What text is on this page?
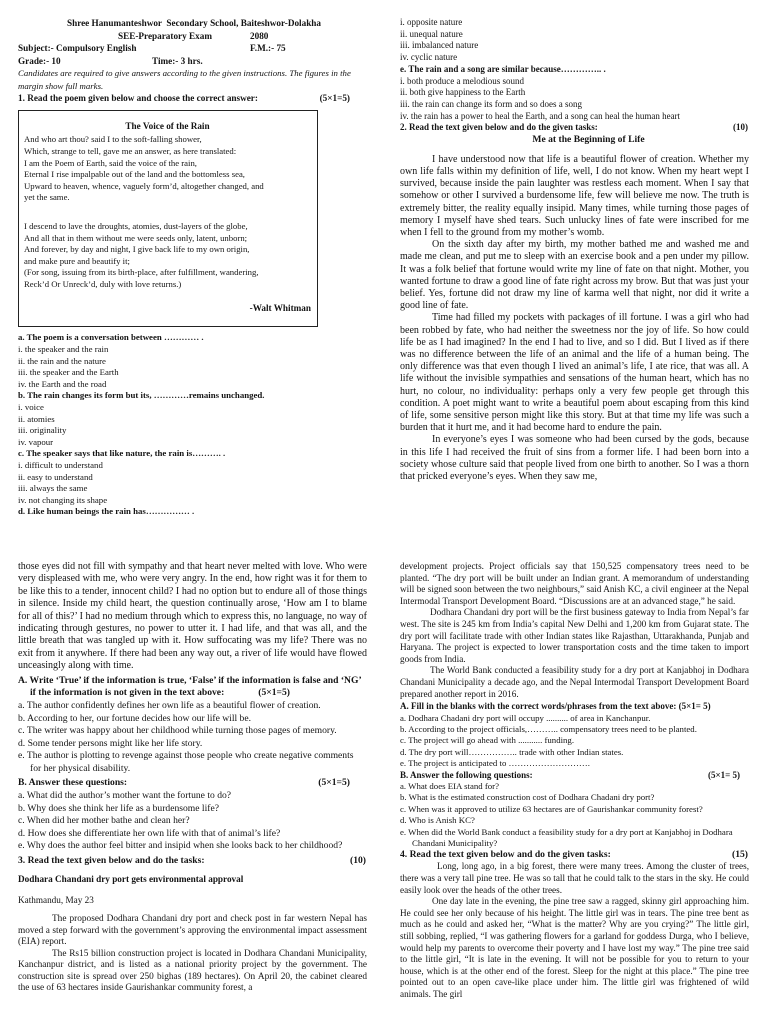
Shree Hanumanteshwor  Secondary School, Baiteshwor-Dolakha
SEE-Preparatory Exam	2080
Subject:- Compulsory English	F.M.:- 75
Grade:- 10	Time:- 3 hrs.
Candidates are required to give answers according to the given instructions. The figures in the margin show full marks.
1. Read the poem given below and choose the correct answer:	(5×1=5)
The Voice of the Rain
And who art thou? said I to the soft-falling shower,
Which, strange to tell, gave me an answer, as here translated:
I am the Poem of Earth, said the voice of the rain,
Eternal I rise impalpable out of the land and the bottomless sea,
Upward to heaven, whence, vaguely form’d, altogether changed, and
yet the same.
I descend to lave the droughts, atomies, dust-layers of the globe,
And all that in them without me were seeds only, latent, unborn;
And forever, by day and night, I give back life to my own origin,
and make pure and beautify it;
(For song, issuing from its birth-place, after fulfillment, wandering,
Reck’d Or Unreck’d, duly with love returns.)
-Walt Whitman
a. The poem is a conversation between ………… .
i. the speaker and the rain
ii. the rain and the nature
iii. the speaker and the Earth
iv. the Earth and the road
b. The rain changes its form but its, …………remains unchanged.
i. voice
ii. atomies
iii. originality
iv. vapour
c. The speaker says that like nature, the rain is………. .
i. difficult to understand
ii. easy to understand
iii. always the same
iv. not changing its shape
d. Like human beings the rain has…………… .
i. opposite nature
ii. unequal nature
iii. imbalanced nature
iv. cyclic nature
e. The rain and a song are similar because………….. .
i. both produce a melodious sound
ii. both give happiness to the Earth
iii. the rain can change its form and so does a song
iv. the rain has a power to heal the Earth, and a song can heal the human heart
2. Read the text given below and do the given tasks:	(10)
Me at the Beginning of Life

I have understood now that life is a beautiful flower of creation. Whether my own life falls within my definition of life, well, I do not know. When my heart wept I survived, because inside the pain laughter was restless each moment. When I say that somehow or other I survived a burdensome life, few will believe me now. The truth is extremely bitter, the reality equally insipid. Many times, while turning those pages of memory I myself have shed tears. Such unlucky lines of fate were inscribed for me when I fell to the ground from my mother’s womb.

On the sixth day after my birth, my mother bathed me and washed me and made me clean, and put me to sleep with an exercise book and a pen under my pillow. It was a folk belief that fortune would write my line of fate on that night. Mother, you wanted fortune to draw a good line of fate right across my brow. But that was just your belief. Yes, fortune did not draw my line of karma well that night, nor did it write a good line of fate.

Time had filled my pockets with packages of ill fortune. I was a girl who had been robbed by fate, who had neither the sweetness nor the joy of life. So how could life be as I had imagined? In the end I had to live, and so I did. But I lived as if there was no difference between the life of an animal and the life of a human being. The only difference was that even though I lived an animal’s life, I ate rice, that was all. A life without the invisible sympathies and sensations of the human heart, which has no hurt, no colour, no individuality: perhaps only a very few people get through this condition. A poet might want to write a beautiful poem about escaping from this kind of life, some sensitive person might like this story. But at that time my life was such a burden that it hurt me, and it had become hard to endure the pain.

In everyone’s eyes I was someone who had been cursed by the gods, because in this life I had received the fruit of sins from a former life. I had been born into a society whose culture said that people lived from one birth to another. So I was a thorn that pricked everyone’s eyes. When they saw me,

those eyes did not fill with sympathy and that heart never melted with love. Who were very displeased with me, who were very angry. In the end, how right was it for them to be like this to a tender, innocent child? I had no option but to endure all of those things in silence. Inside my child heart, the question continually arose, ‘How am I to blame for all of this?’ I had no medium through which to express this, no language, no way of indicating through gestures, no power to utter it. I had life, and that was all, and the little breath that was tangled up with it. How suffocating was my life? There was no exit from it anywhere. If there had been any way out, a river of life would have flowed unceasingly along with time.

A. Write ‘True’ if the information is true, ‘False’ if the information is false and ‘NG’ if the information is not given in the text above:	(5×1=5)
a. The author confidently defines her own life as a beautiful flower of creation.
b. According to her, our fortune decides how our life will be.
c. The writer was happy about her childhood while turning those pages of memory.
d. Some tender persons might like her life story.
e. The author is plotting to revenge against those people who create negative comments for her physical disability.
B. Answer these questions:	(5×1=5)
a. What did the author’s mother want the fortune to do?
b. Why does she think her life as a burdensome life?
c. When did her mother bathe and clean her?
d. How does she differentiate her own life with that of animal’s life?
e. Why does the author feel bitter and insipid when she looks back to her childhood?
3. Read the text given below and do the tasks:	(10)
Dodhara Chandani dry port gets environmental approval
Kathmandu, May 23

The proposed Dodhara Chandani dry port and check post in far western Nepal has moved a step forward with the government’s approving the environmental impact assessment (EIA) report.

The Rs15 billion construction project is located in Dodhara Chandani Municipality, Kanchanpur district, and is listed as a national priority project by the government. The construction site is spread over 250 bighas (189 hectares). On April 20, the cabinet cleared the use of 63 hectares inside Gaurishankar community forest, a

development projects. Project officials say that 150,525 compensatory trees need to be planted. “The dry port will be built under an Indian grant. A memorandum of understanding will be signed soon between the two neighbours,” said Anish KC, a civil engineer at the Nepal Intermodal Transport Development Board. “Discussions are at an advanced stage,” he said.

Dodhara Chandani dry port will be the first business gateway to India from Nepal’s far west. The site is 245 km from India’s capital New Delhi and 1,200 km from Gujarat state. The dry port will facilitate trade with other Indian states like Rajasthan, Uttarakhanda, Punjab and Haryana. The project is expected to lower transportation costs and the time taken to import goods from India.

The World Bank conducted a feasibility study for a dry port at Kanjabhoj in Dodhara Chandani Municipality a decade ago, and the Nepal Intermodal Transport Development Board prepared another report in 2016.

A. Fill in the blanks with the correct words/phrases from the text above: (5×1= 5)
a. Dodhara Chadani dry port will occupy .......... of area in Kanchanpur.
b. According to the project officials,……….. compensatory trees need to be planted.
c. The project will go ahead with ........... funding.
d. The dry port will…………….. trade with other Indian states.
e. The project is anticipated to ……………………….
B. Answer the following questions:	(5×1= 5)
a. What does EIA stand for?
b. What is the estimated construction cost of Dodhara Chadani dry port?
c. When was it approved to utilize 63 hectares are of Gaurishankar community forest?
d. Who is Anish KC?
e. When did the World Bank conduct a feasibility study for a dry port at Kanjabhoj in Dodhara Chandani Municipality?
4. Read the text given below and do the given tasks:	(15)

Long, long ago, in a big forest, there were many trees. Among the cluster of trees, there was a very tall pine tree. He was so tall that he could talk to the stars in the sky. He could easily look over the heads of the other trees.

One day late in the evening, the pine tree saw a ragged, skinny girl approaching him. He could see her only because of his height. The little girl was in tears. The pine tree bent as much as he could and asked her, “What is the matter? Why are you crying?” The little girl, still sobbing, replied, “I was gathering flowers for a garland for goddess Durga, who I believe, would help my parents to overcome their poverty and I have lost my way.” The pine tree said to the little girl, “It is late in the evening. It will not be possible for you to return to your house, which is at the other end of the forest. Sleep for the night at this place.” The pine tree pointed out to an open cave-like place under him. The little girl was frightened of wild animals. The girl
